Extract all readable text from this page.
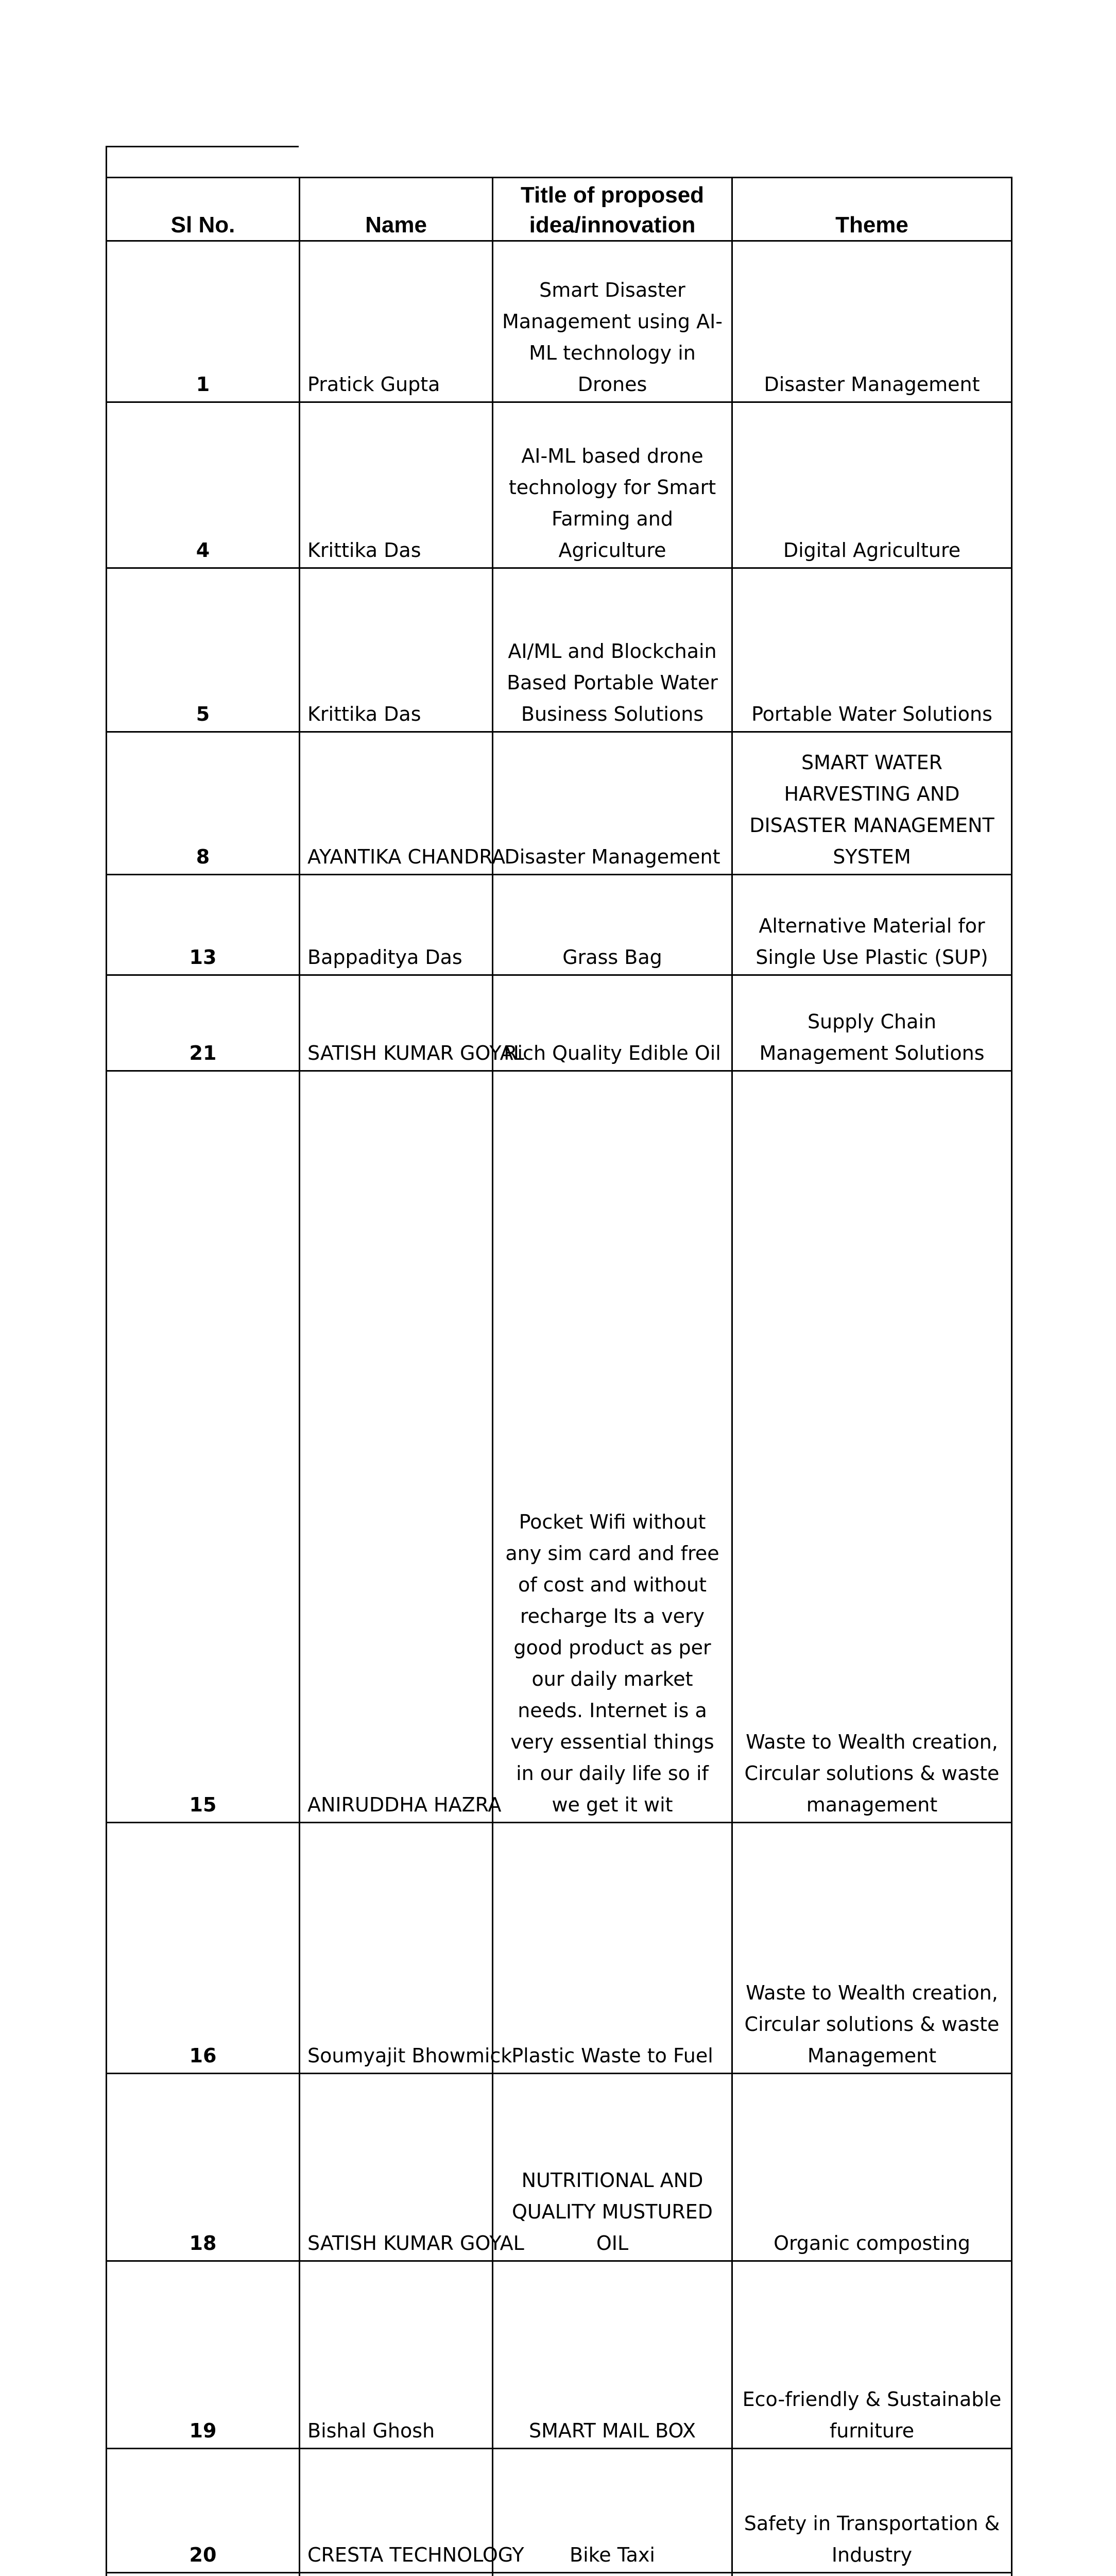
Sl No.	Name	Title of proposed idea/innovation	Theme
1	Pratick Gupta	Smart Disaster Management using AI-ML technology in Drones	Disaster Management
4	Krittika Das	AI-ML based drone technology for Smart Farming and Agriculture	Digital Agriculture
5	Krittika Das	AI/ML and Blockchain Based Portable Water Business Solutions	Portable Water Solutions
8	AYANTIKA CHANDRA	Disaster Management	SMART WATER HARVESTING AND DISASTER MANAGEMENT SYSTEM
13	Bappaditya Das	Grass Bag	Alternative Material for Single Use Plastic (SUP)
21	SATISH KUMAR GOYAL	Rich Quality Edible Oil	Supply Chain Management Solutions
15	ANIRUDDHA HAZRA	Pocket Wifi without any sim card and free of cost and without recharge Its a very good product as per our daily market needs. Internet is a very essential things in our daily life so if we get it wit	Waste to Wealth creation, Circular solutions & waste management
16	Soumyajit Bhowmick	Plastic Waste to Fuel	Waste to Wealth creation, Circular solutions & waste Management
18	SATISH KUMAR GOYAL	NUTRITIONAL AND QUALITY MUSTURED OIL	Organic composting
19	Bishal Ghosh	SMART MAIL BOX	Eco-friendly & Sustainable furniture
20	CRESTA TECHNOLOGY	Bike Taxi	Safety in Transportation & Industry
